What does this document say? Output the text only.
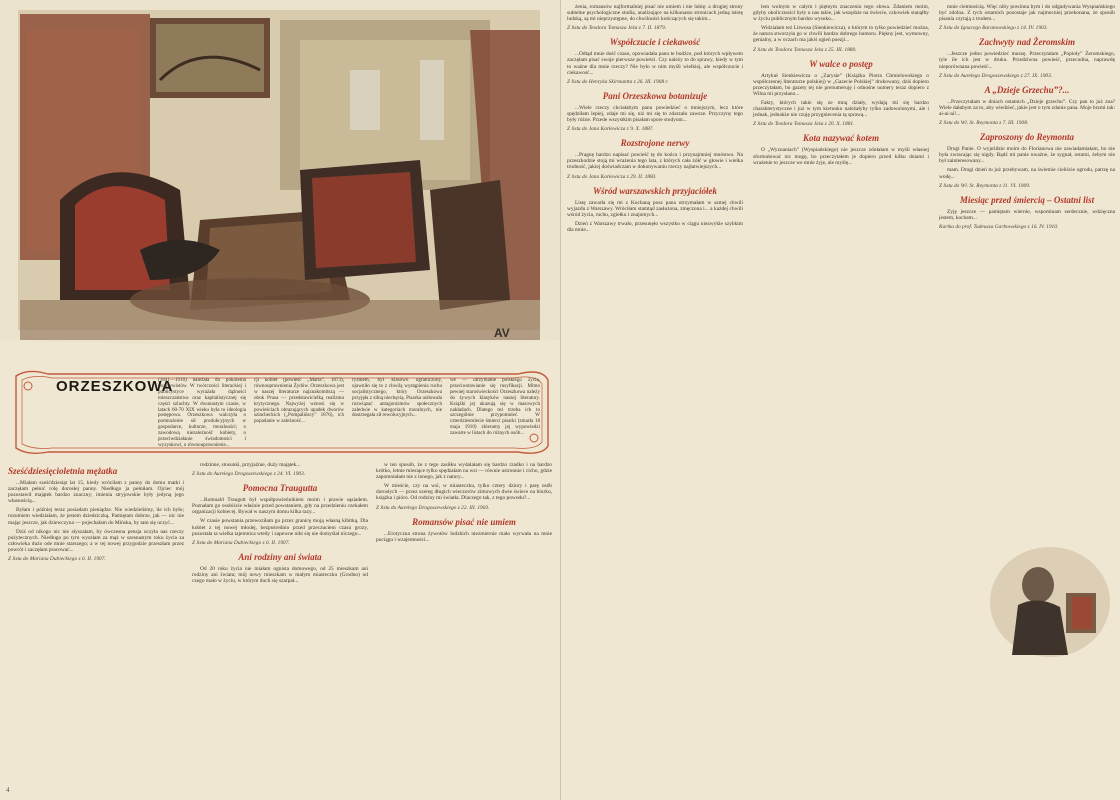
AV
ORZESZKOWA
(1841—1910) należała do pokolenia pozytywistów. W twórczości literackiej i publicystyce wyrażała dążności mieszczaństwa oraz kapitalistycznej się części szlachty. W dwunastym czasie, w latach 60-70 XIX wieku była to ideologia postępowa. Orzeszkowa walczyła o pomnożenie sił produkcyjnych w gospodarce, kulturze, moralności; o zawodową niezależność kobiety, o przeciwdziałanie świadomości i wyzyskowi, o równouprawnienie...
cji kobiet (powieść „Marta”, 1873), równouprawnienia Żydów. Orzeszkowa jest w naszej literaturze najznakomitszą — obok Prusa — przedstawicielką realizmu krytycznego. Najwyżej wznosi się w powieściach obrazujących upadek dworów szlacheckich („Pompalińscy” 1876), ich popadanie w zależność...
ryzmem, był klasowo ograniczony, ujawniło się to z chwilą wystąpienia ruchu socjalistycznego, który Orzeszkowa przyjęła z silną niechęcią. Pisarka usiłowała rozwiązać antagonizmów społecznych zaledwie w kategoriach moralnych, nie dostrzegała sił rewolucyjnych...
we — utrzymanie polskiego życia, przeciwstawianie się rusyfikacji. Mimo pewnej staroświeckości Orzeszkowa należy do żywych klasyków naszej literatury. Książki jej ukazują się w masowych nakładach. Dlatego też trzeba ich to szczególnie przypomnieć. W czterdziestolecie śmierci pisarki (zmarła 18 maja 1910) zbieramy jej wypowiedzi zawarte w listach do różnych osób...
Sześćdziesięcioletnia mężatka

...Miałam sześćdziesiąt lat 15, kiedy wróciłam z panny do domu matki i zaczęłam pełnić rolę dorosłej panny. Niedługo ja pełniłam. Ojciec mój pozostawił majątek bardzo znaczny; imienia stryjowskie były jedyną jego własnością...

Byłam i później teraz posiadam pieniądze. Nie wiedzieliśmy, ile ich było; rozumiem wiedziałam, że jestem dziedziczką. Pamiętam dobrze, jak — nic nie mając jeszcze, jak dziewczyna — pojechałam do Mińska, by tam się uczyć...

Dziś od nikogo nic nie słyszałam, by ówczesna pensja uczyła nas rzeczy pożytecznych. Niedługo po tym wyszłam za mąż w szesnastym roku życia za człowieka dużo ode mnie starszego; a w tej nowej przygodzie przeszłam przez powrót i zaczęłam pracować...

Z listu do Mariana Dubieckiego z 6. II. 1907.

rodzinne, stosunki, przyjaźnie, duży majątek...

Z listu do Aurelego Drogoszewskiego z 24. VI. 1903.

Pomocna Traugutta

...Romuald Traugutt był współpowieńnikiem moim i prawie sąsiadem. Poznałam go osobiście właśnie przed powstaniem, gdy na przedzieniu czekałem organizacji kobiecej. Bywał w naszym domu kilka razy...

W czasie powstania przewoziłam go przez granicę moją własną kibitką. Dla kobiet z tej nowej młodej, bezpośrednio przed przeczuciem czasu grozy, pozostała ta wielka tajemnica wtedy i zapewne nikt się nie domyślał niczego...

Z listu do Mariana Dubieckiego z 6. II. 1907.

Ani rodziny ani świata

Od 20 roku życia nie miałam ognista domowego, od 25 mieszkam ani rodziny ani świata; mój nowy mieszkam w małym miasteczku (Grodno) od czego mało w życiu, w którym duch się szarpał...

w ten sposób, że z tego zasiłku wydalałam się bardzo rzadko i na bardzo krótko, letnie miesiące tylko spędzałam na wsi — równie ustronnie i cicho, gdzie zapomniałam nie z innego, jak z natury...

W mieście, czy na wsi, w miasteczku, tylko cztery dziury i parę osób dorosłych — przez szereg długich wieczorów zimowych dwie świece na biurku, książka i pióro. Od rodziny mi światła. Dlaczego tak, z tego powodu?...

Z listu do Aurelego Drogoszewskiego z 22. III. 1903.

Romansów pisać nie umiem

...Erotyczna strona żywotów ludzkich niezmiernie mało wyrwała na mnie pociągu i wzajemności...

4

żenia, romansów najformalniej pisać nie umiem i nie lubię: a drugiej strony subtelne psychologiczne studia, analizujące na kilkunastu stronicach jedną istotę ludzką, są mi nieprzystępne, do chwilności kończących się takim...

Z listu do Teodora Tomasza Jeża z 7. II. 1879.

Współczucie i ciekawość

...Odtąd mnie dość czasu, opowiadała panu te bodźce, pod których wpływem zaczęłam pisać swoje pierwsze powieści. Czy należy to do sprawy, kiedy w tym to ważne dla mnie rzeczy? Nie było w nim myśli wielkiej, ale współczucie i ciekawość...

Z listu do Henryka Skirmuntta z 26. III. 1908 r.

Pani Orzeszkowa botanizuje

...Wiele rzeczy chciałabym panu powiedzieć o mniejszym, lecz które spędziłam lepiej, zdaje mi się, niż mi się to zdarzało zawsze. Przyczyny tego były różne. Przede wszystkim pisałam spore studyum...

Z listu do Jana Karłowicza z 9. X. 1887.

Rozstrojone nerwy

...Pragnę bardzo napisać powieść tę do końca i przynajmniej mnóstwo. Na przeszkodzie stoją mi wrażenia tego lata, z których cała żółć w głowie i wielka trudność, jakiej doświadczam w dokonywaniu rzeczy najłatwiejszych...

Z listu do Jana Karłowicza z 29. II. 1883.

Wśród warszawskich przyjaciółek

Listę zawarła się mi z Kochaną posz pana otrzymałam w samej chwili wyjazdu z Warszawy. Wróciłam stamtąd zasłużona, zmęczona i... a każdej chwili wśród życia, ruchu, zgiełku i znajomych...

Dzień z Warszawy trwało, przesunęło wszystko w ciągu niezwykle szybkim dla mnie...

lem wolnym w całym i piętnym znaczeniu tego słowa. Zdaniem moim, gdyby okoliczności były u nas takie, jak wszędzie na świecie, czkowiek stanąłby w życiu publicznym bardzo wysoko...

Widziałam też Litwosa (Sienkiewicza), o którym to tylko powiedzieć można, że natura stworzyła go w chwili bardzo dobrego humoru. Piękny jest, wymowny, genialny, a w oczach ma jakiś ogień poezji...

Z listu do Teodora Tomasza Jeża z 25. III. 1880.

W walce o postęp

Artykuł Sienkiewicza o „Zarysie” (Książka Piotra Chmielowskiego o współczesnej literaturze polskiej) w „Gazecie Polskiej” drukowany, dziś dopiero przeczytałam, bo gazety tej nie prenumeruję i odnośne numery teraz dopiero z Wilna mi przysłano...

Fakty, których takie się ze mną działy, wydają mi się bardzo charakterystyczne i już w tym kierunku należałyby tylko zadowolonymi, ale i jednak, jednakże nie czuję przygniecenia tą sprawą...

Z listu do Teodora Tomasza Jeża z 20. X. 1881.

Kota nazywać kotem

O „Wyznaniach” (Wyspiańskiego) nie jeszcze zdołałam w myśli własnej sformułować nic mogę, bo przeczytałem je dopiero przed kilku dniami i wrażenie to jeszcze we mnie żyje, ale myślę...

mnie ciemnością. Więc niby powinna bym i do odgadywania Wyspiańskiego być zdolna. Z tych ostatnich pozostaje jak najmocniej przekonana, że sposób pisania czytają z trudem...

Z listu do Ignacego Baranowskiego z 14. IV. 1903.

Zachwyty nad Żeromskim

...Jeszcze jedno powiedzieć muszę. Przeczytałam „Popioły” Żeromskiego, tyle ile ich jest w druku. Przedziwna powieść, przecudna, naprawdę nieporównana powieść...

Z listu do Aurelego Drogoszewskiego z 27. IX. 1903.

A „Dzieje Grzechu”?...

...Przeczytałam w dniach ostatnich „Dzieje grzechu”. Czy pan to już zna? Wiele dałabym za to, aby wiedzieć, jakie jest o tym zdanie pana. Moje brzmi tak: ai-ai-ai!...

Z listu do Wl. St. Reymonta z 7. III. 1908.

Zaproszony do Reymonta

Drogi Panie. O wyjeździe moim do Florianowa nie zawiadamiałam, bo nie była zwracając się nigdy. Bądź mi panie uważne, że sygnał, ostatni, żebym nie był zainteresowany...

mam. Drugi dzień tu już przebywam, na świetnie cieliście ogrodu, patrzę na wodę...

Z listu do Wl. St. Reymonta z 11. VI. 1909.

Miesiąc przed śmiercią – Ostatni list

Zyję jeszcze — pamiętam wiernie, wspominam serdecznie, wdzięczna jestem, kocham...

Kartka do prof. Tadeusza Garbowskiego z 16. IV. 1910.
